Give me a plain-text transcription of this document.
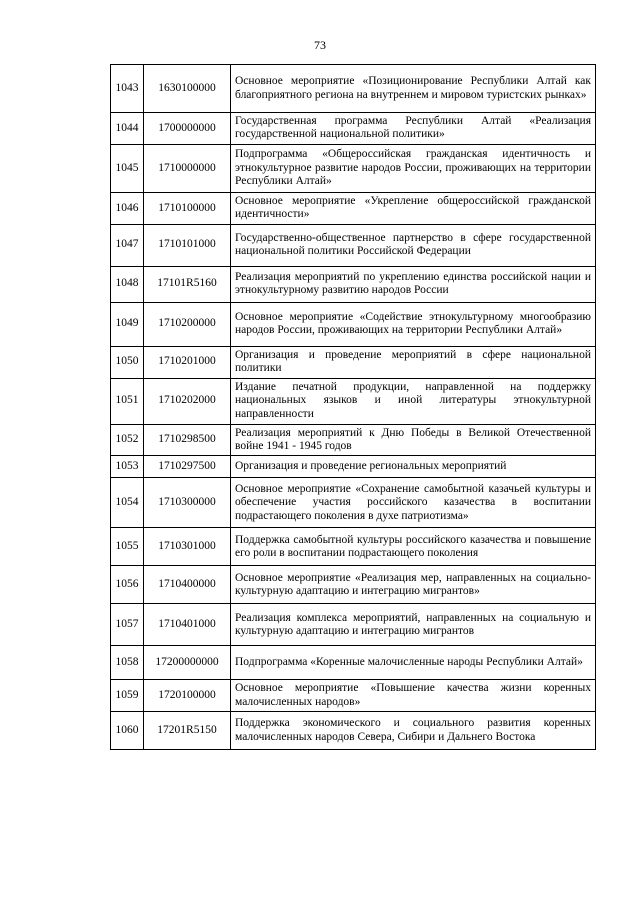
73
1043	1630100000	Основное мероприятие «Позиционирование Республики Алтай как благоприятного региона на внутреннем и мировом туристских рынках»
1044	1700000000	Государственная программа Республики Алтай «Реализация государственной национальной политики»
1045	1710000000	Подпрограмма «Общероссийская гражданская идентичность и этнокультурное развитие народов России, проживающих на территории Республики Алтай»
1046	1710100000	Основное мероприятие «Укрепление общероссийской гражданской идентичности»
1047	1710101000	Государственно-общественное партнерство в сфере государственной национальной политики Российской Федерации
1048	17101R5160	Реализация мероприятий по укреплению единства российской нации и этнокультурному развитию народов России
1049	1710200000	Основное мероприятие «Содействие этнокультурному многообразию народов России, проживающих на территории Республики Алтай»
1050	1710201000	Организация и проведение мероприятий в сфере национальной политики
1051	1710202000	Издание печатной продукции, направленной на поддержку национальных языков и иной литературы этнокультурной направленности
1052	1710298500	Реализация мероприятий к Дню Победы в Великой Отечественной войне 1941 - 1945 годов
1053	1710297500	Организация и проведение региональных мероприятий
1054	1710300000	Основное мероприятие «Сохранение самобытной казачьей культуры и обеспечение участия российского казачества в воспитании подрастающего поколения в духе патриотизма»
1055	1710301000	Поддержка самобытной культуры российского казачества и повышение его роли в воспитании подрастающего поколения
1056	1710400000	Основное мероприятие «Реализация мер, направленных на социально-культурную адаптацию и интеграцию мигрантов»
1057	1710401000	Реализация комплекса мероприятий, направленных на социальную и культурную адаптацию и интеграцию мигрантов
1058	17200000000	Подпрограмма «Коренные малочисленные народы Республики Алтай»
1059	1720100000	Основное мероприятие «Повышение качества жизни коренных малочисленных народов»
1060	17201R5150	Поддержка экономического и социального развития коренных малочисленных народов Севера, Сибири и Дальнего Востока
